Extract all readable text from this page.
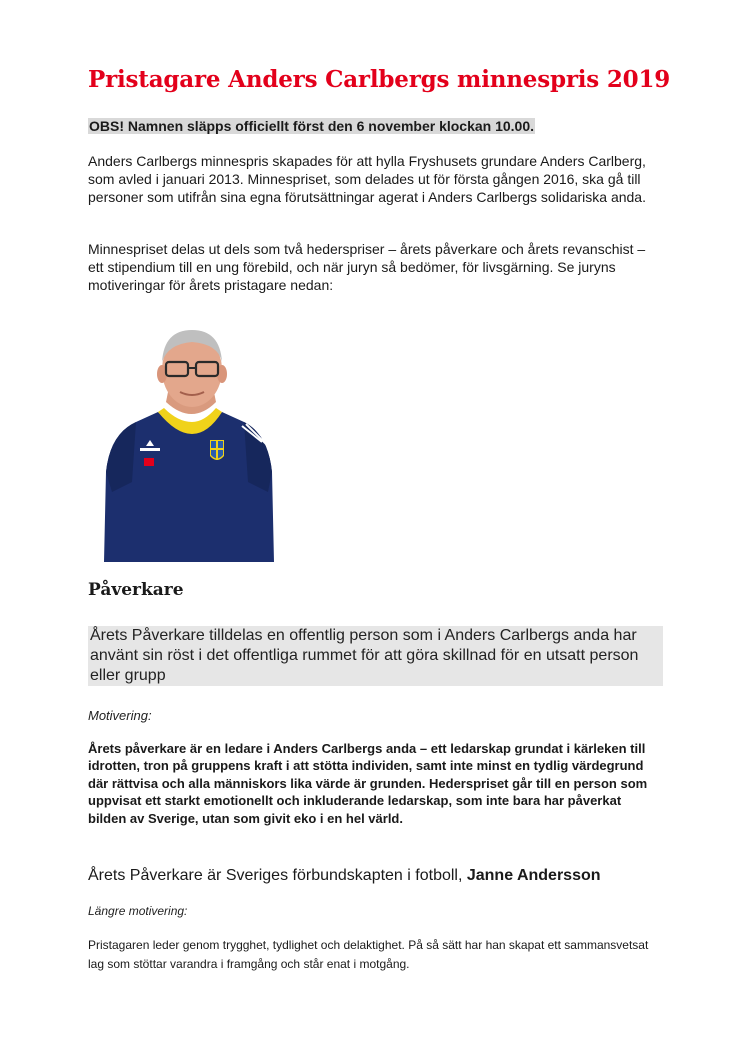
Pristagare Anders Carlbergs minnespris 2019

OBS! Namnen släpps officiellt först den 6 november klockan 10.00.

Anders Carlbergs minnespris skapades för att hylla Fryshusets grundare Anders Carlberg, som avled i januari 2013. Minnespriset, som delades ut för första gången 2016, ska gå till personer som utifrån sina egna förutsättningar agerat i Anders Carlbergs solidariska anda.

Minnespriset delas ut dels som två hederspriser – årets påverkare och årets revanschist – ett stipendium till en ung förebild, och när juryn så bedömer, för livsgärning. Se juryns motiveringar för årets pristagare nedan:

Påverkare

Årets Påverkare tilldelas en offentlig person som i Anders Carlbergs anda har använt sin röst i det offentliga rummet för att göra skillnad för en utsatt person eller grupp

Motivering:

Årets påverkare är en ledare i Anders Carlbergs anda – ett ledarskap grundat i kärleken till idrotten, tron på gruppens kraft i att stötta individen, samt inte minst en tydlig värdegrund där rättvisa och alla människors lika värde är grunden. Hederspriset går till en person som uppvisat ett starkt emotionellt och inkluderande ledarskap, som inte bara har påverkat bilden av Sverige, utan som givit eko i en hel värld.

Årets Påverkare är Sveriges förbundskapten i fotboll, Janne Andersson

Längre motivering:

Pristagaren leder genom trygghet, tydlighet och delaktighet. På så sätt har han skapat ett sammansvetsat lag som stöttar varandra i framgång och står enat i motgång.
